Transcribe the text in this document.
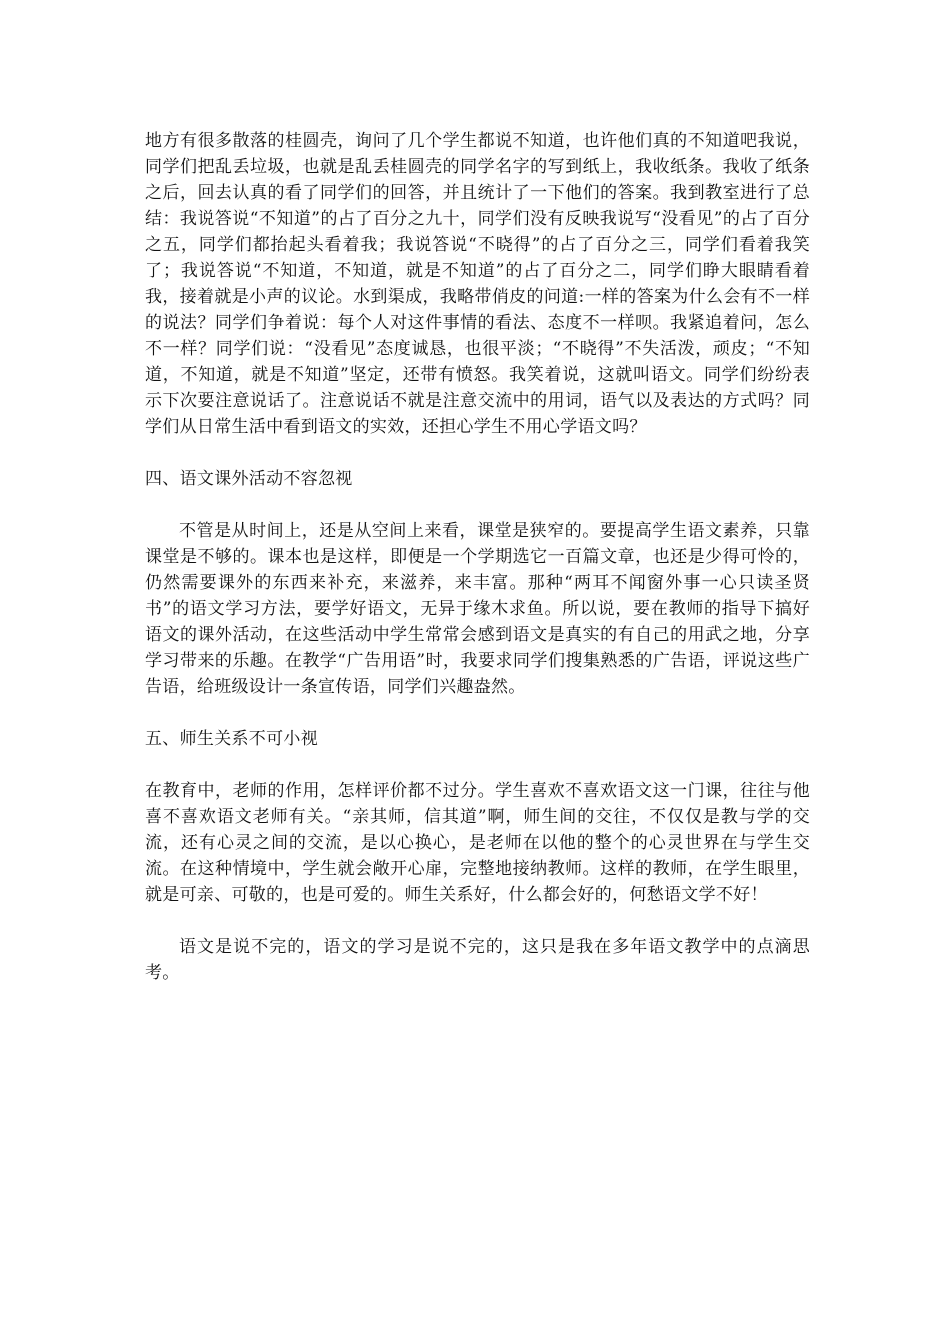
地方有很多散落的桂圆壳，询问了几个学生都说不知道，也许他们真的不知道吧我说，同学们把乱丢垃圾，也就是乱丢桂圆壳的同学名字的写到纸上，我收纸条。我收了纸条之后，回去认真的看了同学们的回答，并且统计了一下他们的答案。我到教室进行了总结：我说答说“不知道”的占了百分之九十，同学们没有反映我说写“没看见”的占了百分之五，同学们都抬起头看着我；我说答说“不晓得”的占了百分之三，同学们看着我笑了；我说答说“不知道，不知道，就是不知道”的占了百分之二，同学们睁大眼睛看着我，接着就是小声的议论。水到渠成，我略带俏皮的问道:一样的答案为什么会有不一样的说法？同学们争着说：每个人对这件事情的看法、态度不一样呗。我紧追着问，怎么不一样？同学们说：“没看见”态度诚恳，也很平淡；“不晓得”不失活泼，顽皮；“不知道，不知道，就是不知道”坚定，还带有愤怒。我笑着说，这就叫语文。同学们纷纷表示下次要注意说话了。注意说话不就是注意交流中的用词，语气以及表达的方式吗？同学们从日常生活中看到语文的实效，还担心学生不用心学语文吗？

四、语文课外活动不容忽视

不管是从时间上，还是从空间上来看，课堂是狭窄的。要提高学生语文素养，只靠课堂是不够的。课本也是这样，即便是一个学期选它一百篇文章，也还是少得可怜的，仍然需要课外的东西来补充，来滋养，来丰富。那种“两耳不闻窗外事一心只读圣贤书”的语文学习方法，要学好语文，无异于缘木求鱼。所以说，要在教师的指导下搞好语文的课外活动，在这些活动中学生常常会感到语文是真实的有自己的用武之地，分享学习带来的乐趣。在教学“广告用语”时，我要求同学们搜集熟悉的广告语，评说这些广告语，给班级设计一条宣传语，同学们兴趣盎然。

五、师生关系不可小视

在教育中，老师的作用，怎样评价都不过分。学生喜欢不喜欢语文这一门课，往往与他喜不喜欢语文老师有关。“亲其师，信其道”啊，师生间的交往，不仅仅是教与学的交流，还有心灵之间的交流，是以心换心，是老师在以他的整个的心灵世界在与学生交流。在这种情境中，学生就会敞开心扉，完整地接纳教师。这样的教师，在学生眼里，就是可亲、可敬的，也是可爱的。师生关系好，什么都会好的，何愁语文学不好！

语文是说不完的，语文的学习是说不完的，这只是我在多年语文教学中的点滴思考。
